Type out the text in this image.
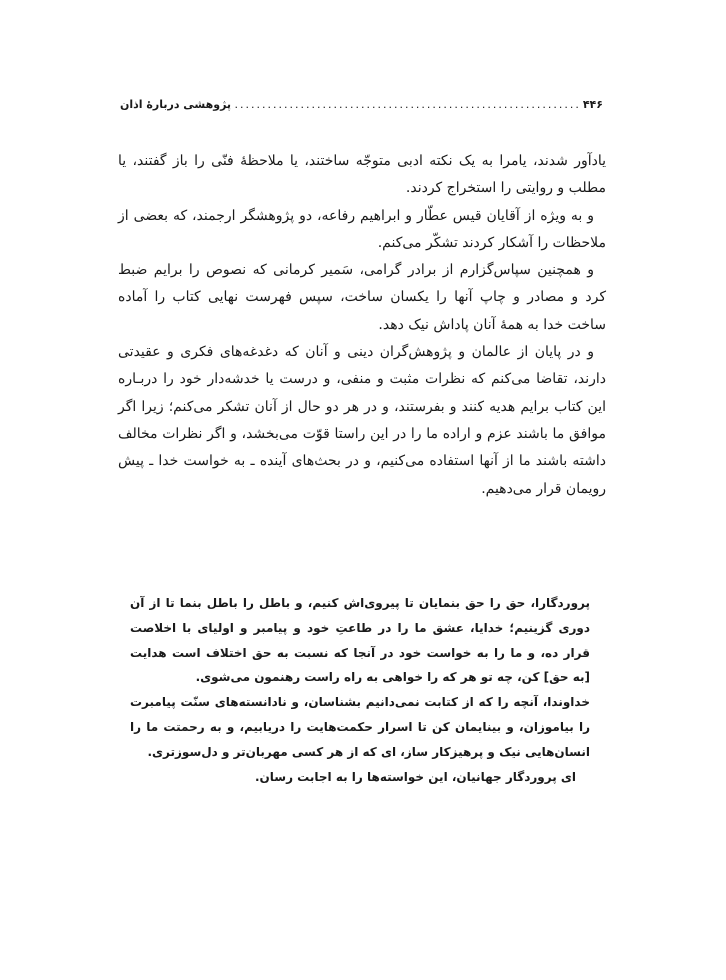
۴۴۶
.....
پژوهشی دربارهٔ اذان

یادآور شدند، یامرا به یک نکته ادبی متوجّه ساختند، یا ملاحظهٔ فنّی را باز گفتند، یا مطلب و روایتی را استخراج کردند.

و به ویژه از آقایان قیس عطّار و ابراهیم رفاعه، دو پژوهشگر ارجمند، که بعضی از ملاحظات را آشکار کردند تشکّر می‌کنم.

و همچنین سپاس‌گزارم از برادر گرامی، سَمیر کرمانی که نصوص را برایم ضبط کرد و مصادر و چاپ آنها را یکسان ساخت، سپس فهرست نهایی کتاب را آماده ساخت خدا به همهٔ آنان پاداش نیک دهد.

و در پایان از عالمان و پژوهش‌گران دینی و آنان که دغدغه‌های فکری و عقیدتی دارند، تقاضا می‌کنم که نظرات مثبت و منفی، و درست یا خدشه‌دار خود را دربـاره این کتاب برایم هدیه کنند و بفرستند، و در هر دو حال از آنان تشکر می‌کنم؛ زیرا اگر موافق ما باشند عزم و اراده ما را در این راستا قوّت می‌بخشد، و اگر نظرات مخالف داشته باشند ما از آنها استفاده می‌کنیم، و در بحث‌های آینده ـ به خواست خدا ـ پیش رویمان قرار می‌دهیم.

پروردگارا، حق را حق بنمایان تا پیروی‌اش کنیم، و باطل را باطل بنما تا از آن دوری گزینیم؛ خدایا، عشق ما را در طاعتِ خود و پیامبر و اولیای با اخلاصت قرار ده، و ما را به خواست خود در آنجا که نسبت به حق اختلاف است هدایت [به حق] کن، چه تو هر که را خواهی به راه راست رهنمون می‌شوی.

خداوندا، آنچه را که از کتابت نمی‌دانیم بشناسان، و نادانسته‌های سنّت پیامبرت را بیاموزان، و بینایمان کن تا اسرار حکمت‌هایت را دریابیم، و به رحمتت ما را انسان‌هایی نیک و پرهیزکار ساز، ای که از هر کسی مهربان‌تر و دل‌سوزتری.

ای پروردگار جهانیان، این خواسته‌ها را به اجابت رسان.
